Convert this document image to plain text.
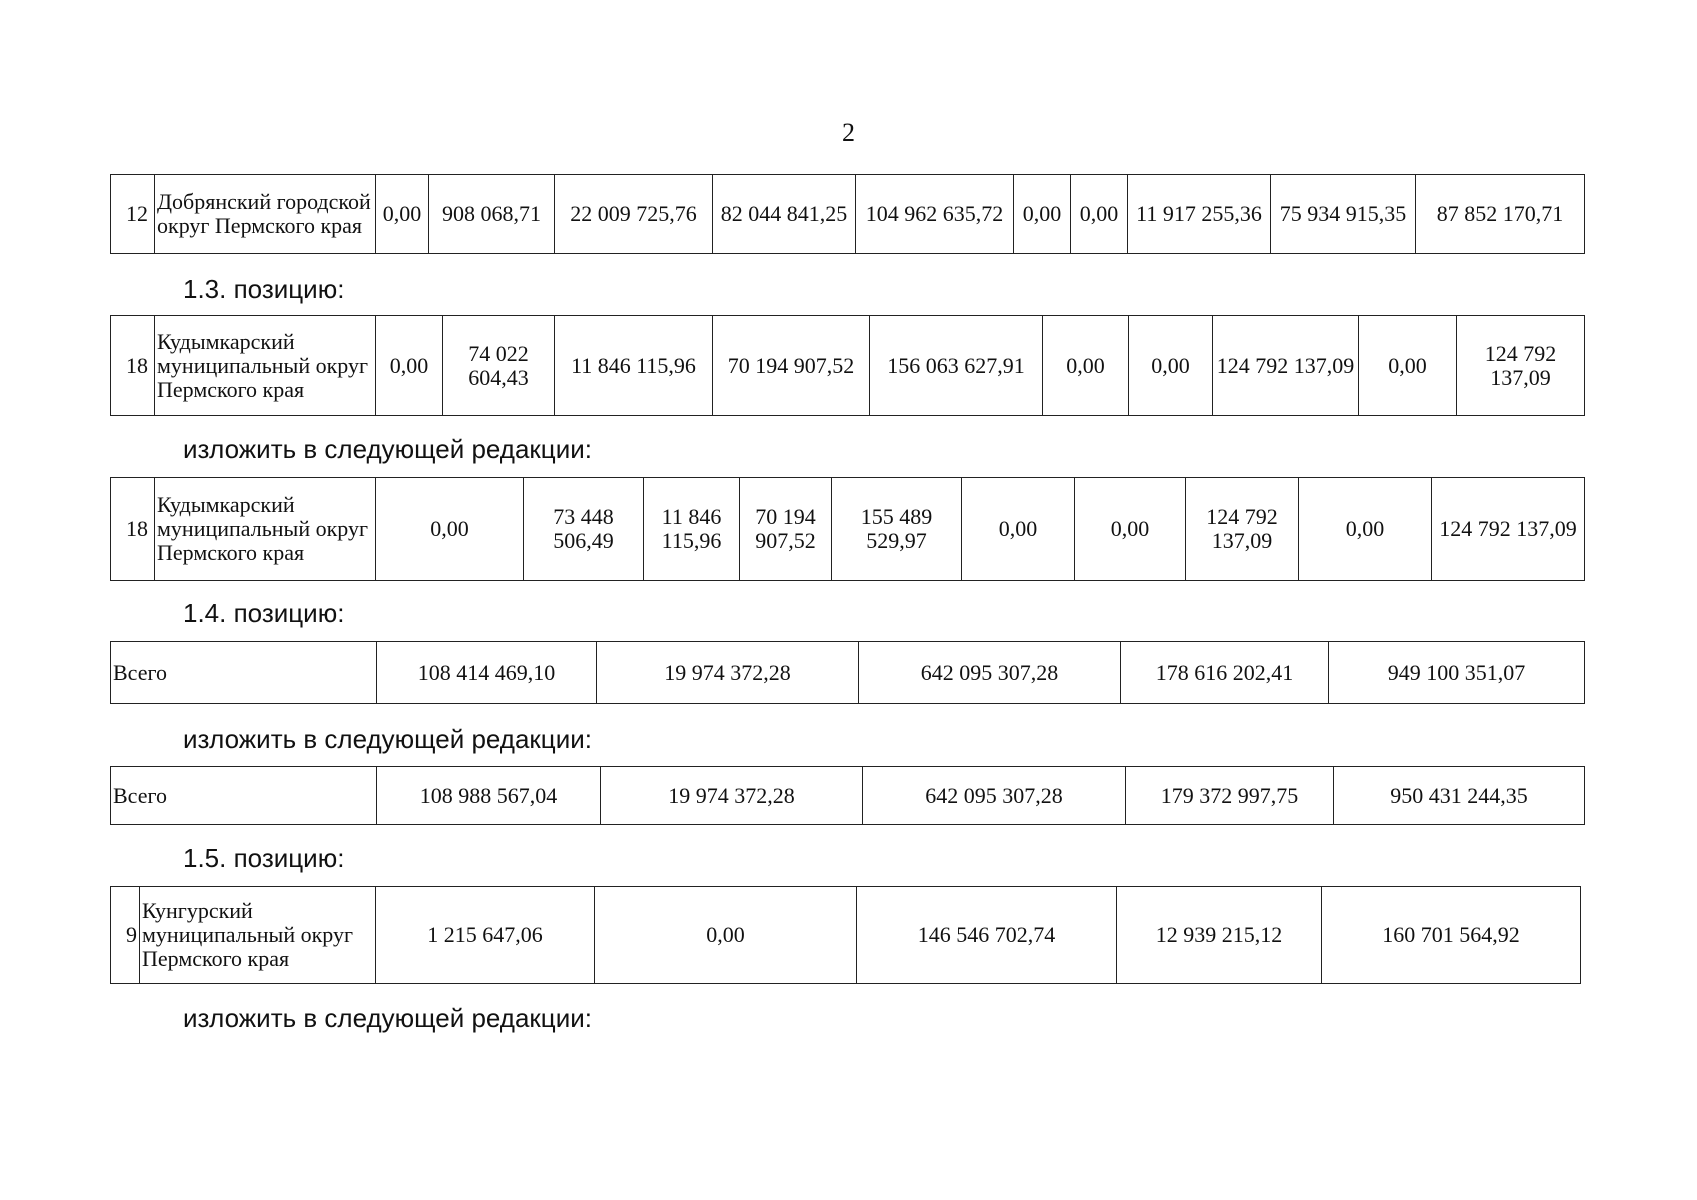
2
12	Добрянский городской округ Пермского края	0,00	908 068,71	22 009 725,76	82 044 841,25	104 962 635,72	0,00	0,00	11 917 255,36	75 934 915,35	87 852 170,71
1.3. позицию:
18	Кудымкарский муниципальный округ Пермского края	0,00	74 022 604,43	11 846 115,96	70 194 907,52	156 063 627,91	0,00	0,00	124 792 137,09	0,00	124 792 137,09
изложить в следующей редакции:
18	Кудымкарский муниципальный округ Пермского края	0,00	73 448 506,49	11 846 115,96	70 194 907,52	155 489 529,97	0,00	0,00	124 792 137,09	0,00	124 792 137,09
1.4. позицию:
Всего	108 414 469,10	19 974 372,28	642 095 307,28	178 616 202,41	949 100 351,07
изложить в следующей редакции:
Всего	108 988 567,04	19 974 372,28	642 095 307,28	179 372 997,75	950 431 244,35
1.5. позицию:
9	Кунгурский муниципальный округ Пермского края	1 215 647,06	0,00	146 546 702,74	12 939 215,12	160 701 564,92
изложить в следующей редакции:
